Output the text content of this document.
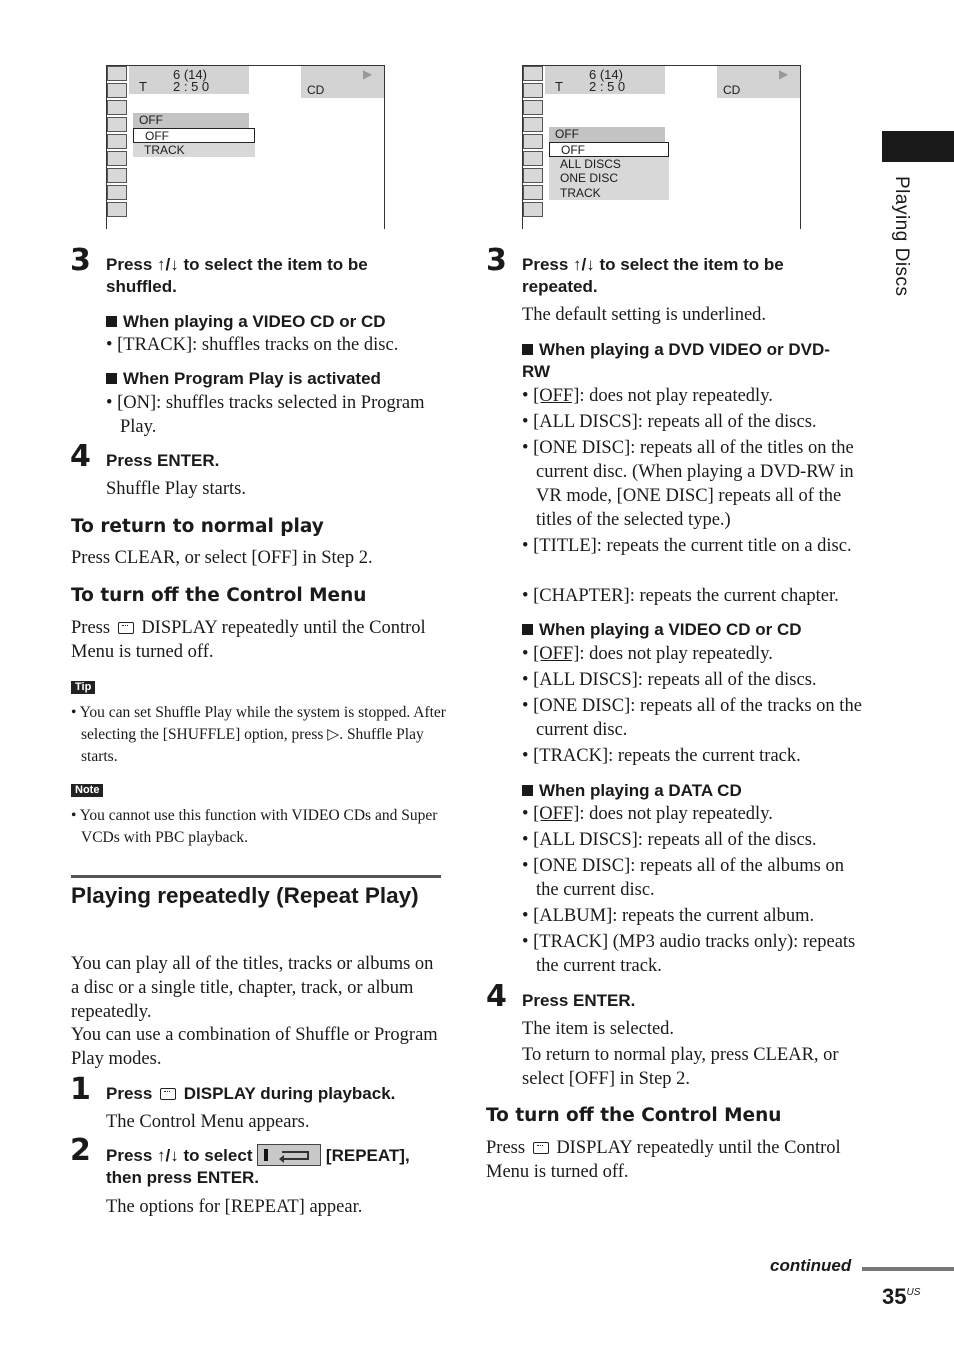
6 (14)
T 2 : 5 0	CD
▶
OFF
OFF
TRACK
6 (14)
T 2 : 5 0	CD
▶
OFF
OFF
ALL DISCS
ONE DISC
TRACK
3 Press ↑/↓ to select the item to be
shuffled.
When playing a VIDEO CD or CD
• [TRACK]: shuffles tracks on the disc.
When Program Play is activated
• [ON]: shuffles tracks selected in Program Play.
4 Press ENTER.
Shuffle Play starts.
To return to normal play
Press CLEAR, or select [OFF] in Step 2.
To turn off the Control Menu
Press  DISPLAY repeatedly until the Control Menu is turned off.
Tip
• You can set Shuffle Play while the system is stopped. After selecting the [SHUFFLE] option, press ▷. Shuffle Play starts.
Note
• You cannot use this function with VIDEO CDs and Super VCDs with PBC playback.
Playing repeatedly (Repeat Play)
You can play all of the titles, tracks or albums on a disc or a single title, chapter, track, or album repeatedly.
You can use a combination of Shuffle or Program Play modes.
1 Press  DISPLAY during playback.
The Control Menu appears.
2 Press ↑/↓ to select	[REPEAT],
then press ENTER.
The options for [REPEAT] appear.
3 Press ↑/↓ to select the item to be
repeated.
The default setting is underlined.
When playing a DVD VIDEO or DVD-RW
• [OFF]: does not play repeatedly.
• [ALL DISCS]: repeats all of the discs.
• [ONE DISC]: repeats all of the titles on the current disc. (When playing a DVD-RW in VR mode, [ONE DISC] repeats all of the titles of the selected type.)
• [TITLE]: repeats the current title on a disc.
• [CHAPTER]: repeats the current chapter.
When playing a VIDEO CD or CD
• [OFF]: does not play repeatedly.
• [ALL DISCS]: repeats all of the discs.
• [ONE DISC]: repeats all of the tracks on the current disc.
• [TRACK]: repeats the current track.
When playing a DATA CD
• [OFF]: does not play repeatedly.
• [ALL DISCS]: repeats all of the discs.
• [ONE DISC]: repeats all of the albums on the current disc.
• [ALBUM]: repeats the current album.
• [TRACK] (MP3 audio tracks only): repeats the current track.
4 Press ENTER.
The item is selected.
To return to normal play, press CLEAR, or select [OFF] in Step 2.
To turn off the Control Menu
Press  DISPLAY repeatedly until the Control Menu is turned off.
Playing Discs
continued
$35^{US}$
